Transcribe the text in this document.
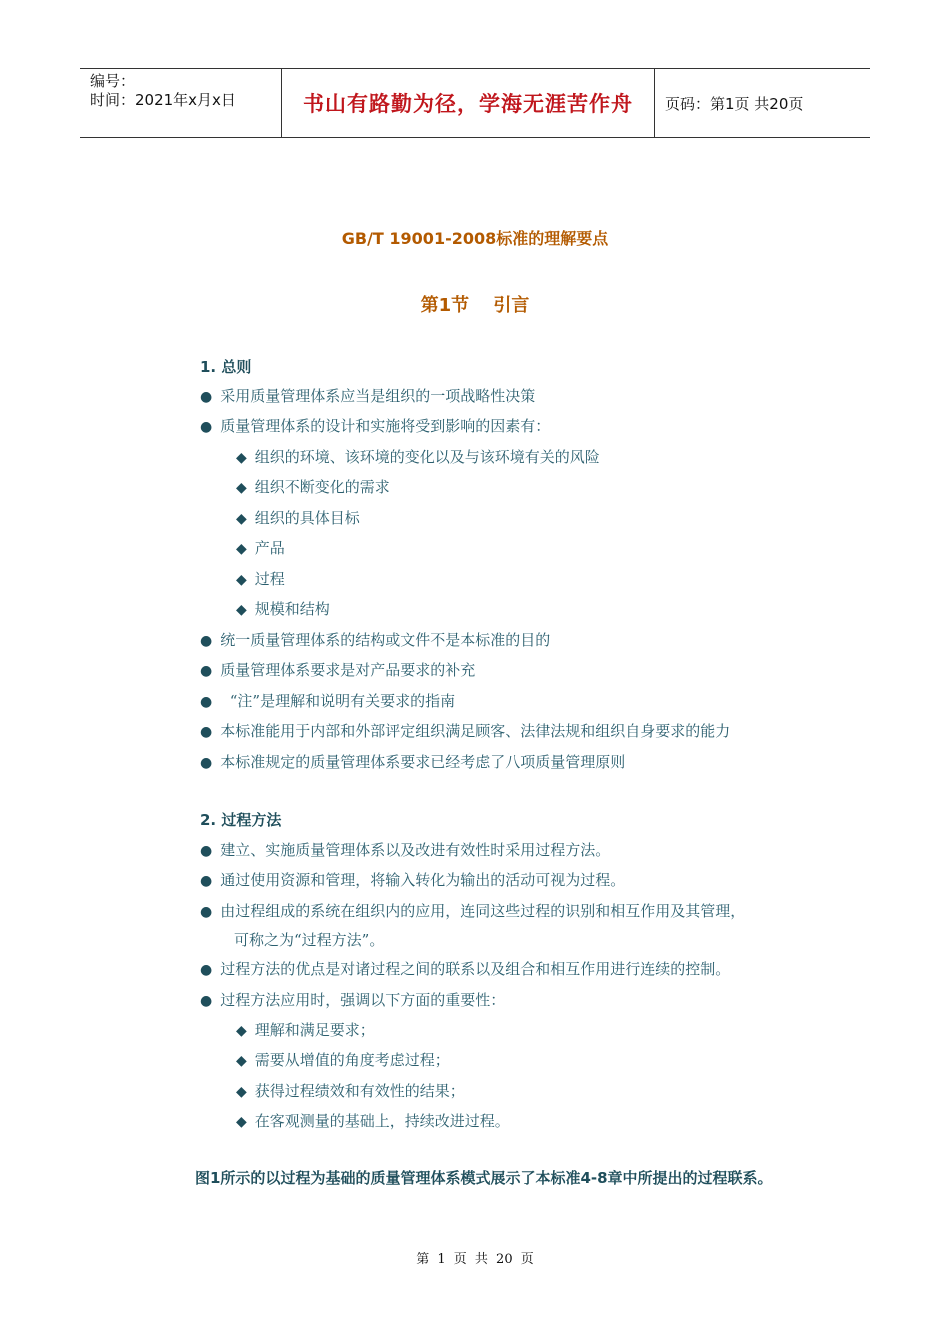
编号：
时间：2021年x月x日	书山有路勤为径，学海无涯苦作舟	页码：第1页 共20页
GB/T 19001-2008标准的理解要点
第1节 引言
1. 总则
● 采用质量管理体系应当是组织的一项战略性决策
● 质量管理体系的设计和实施将受到影响的因素有：
◆ 组织的环境、该环境的变化以及与该环境有关的风险
◆ 组织不断变化的需求
◆ 组织的具体目标
◆ 产品
◆ 过程
◆ 规模和结构
● 统一质量管理体系的结构或文件不是本标准的目的
● 质量管理体系要求是对产品要求的补充
●  “注”是理解和说明有关要求的指南
● 本标准能用于内部和外部评定组织满足顾客、法律法规和组织自身要求的能力
● 本标准规定的质量管理体系要求已经考虑了八项质量管理原则
2. 过程方法
● 建立、实施质量管理体系以及改进有效性时采用过程方法。
● 通过使用资源和管理，将输入转化为输出的活动可视为过程。
● 由过程组成的系统在组织内的应用，连同这些过程的识别和相互作用及其管理，
可称之为“过程方法”。
● 过程方法的优点是对诸过程之间的联系以及组合和相互作用进行连续的控制。
● 过程方法应用时，强调以下方面的重要性：
◆ 理解和满足要求；
◆ 需要从增值的角度考虑过程；
◆ 获得过程绩效和有效性的结果；
◆ 在客观测量的基础上，持续改进过程。
图1所示的以过程为基础的质量管理体系模式展示了本标准4-8章中所提出的过程联系。
第 1 页 共 20 页
